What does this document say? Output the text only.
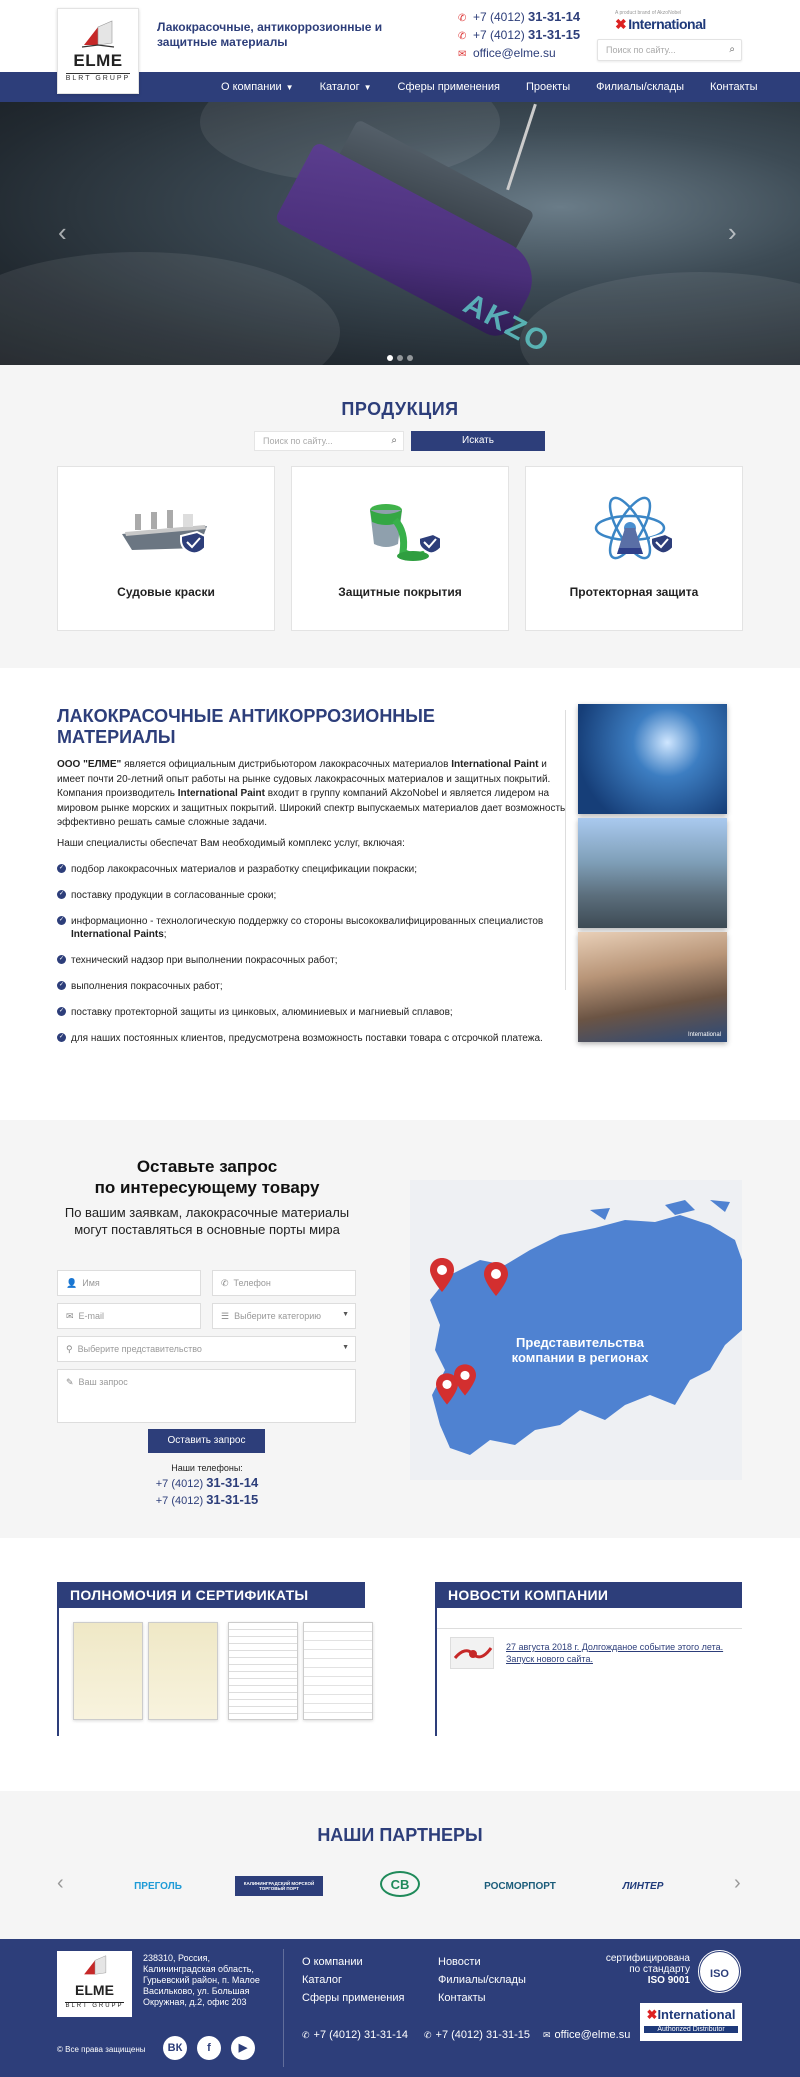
ELME
BLRT GRUPP
Лакокрасочные, антикоррозионные и защитные материалы
✆ +7 (4012) 31-31-14
✆ +7 (4012) 31-31-15
✉ office@elme.su
A product brand of AkzoNobel
✖ International
Поиск по сайту...	⌕
О компании ▼	Каталог ▼	Сферы применения	Проекты	Филиалы/склады	Контакты
AKZO
‹	›
ПРОДУКЦИЯ
Поиск по сайту...	⌕	Искать
Судовые краски	Защитные покрытия	Протекторная защита
ЛАКОКРАСОЧНЫЕ АНТИКОРРОЗИОННЫЕ МАТЕРИАЛЫ
ООО "ЕЛМЕ" является официальным дистрибьютором лакокрасочных материалов International Paint и имеет почти 20-летний опыт работы на рынке судовых лакокрасочных материалов и защитных покрытий. Компания производитель International Paint входит в группу компаний AkzoNobel и является лидером на мировом рынке морских и защитных покрытий. Широкий спектр выпускаемых материалов дает возможность эффективно решать самые сложные задачи.
Наши специалисты обеспечат Вам необходимый комплекс услуг, включая:
✓ подбор лакокрасочных материалов и разработку спецификации покраски;
✓ поставку продукции в согласованные сроки;
✓ информационно - технологическую поддержку со стороны высококвалифицированных специалистов International Paints;
✓ технический надзор при выполнении покрасочных работ;
✓ выполнения покрасочных работ;
✓ поставку протекторной защиты из цинковых, алюминиевых и магниевый сплавов;
✓ для наших постоянных клиентов, предусмотрена возможность поставки товара с отсрочкой платежа.	International
Оставьте запрос
по интересующему товару
По вашим заявкам, лакокрасочные материалы могут поставляться в основные порты мира
👤 Имя	✆ Телефон
✉ E-mail	☰ Выберите категорию	▼
⚲ Выберите представительство	▼
✎ Ваш запрос
Оставить запрос
Наши телефоны:
+7 (4012) 31-31-14
+7 (4012) 31-31-15
Представительства компании в регионах
ПОЛНОМОЧИЯ И СЕРТИФИКАТЫ	НОВОСТИ КОМПАНИИ
27 августа 2018 г. Долгожданое событие этого лета. Запуск нового сайта.
НАШИ ПАРТНЕРЫ
‹	›
ПРЕГОЛЬ	КАЛИНИНГРАДСКИЙ МОРСКОЙ ТОРГОВЫЙ ПОРТ	СВ	РОСМОРПОРТ	ЛИНТЕР
ELME
BLRT GRUPP
238310, Россия, Калининградская область, Гурьевский район, п. Малое Васильково, ул. Большая Окружная, д.2, офис 203
© Все права защищены	ВК	f	▶
О компании
Каталог
Сферы применения
Новости
Филиалы/склады
Контакты
✆ +7 (4012) 31-31-14 ✆ +7 (4012) 31-31-15 ✉ office@elme.su
сертифицирована
по стандарту
ISO 9001
ISO
✖International
Authorized Distributor
